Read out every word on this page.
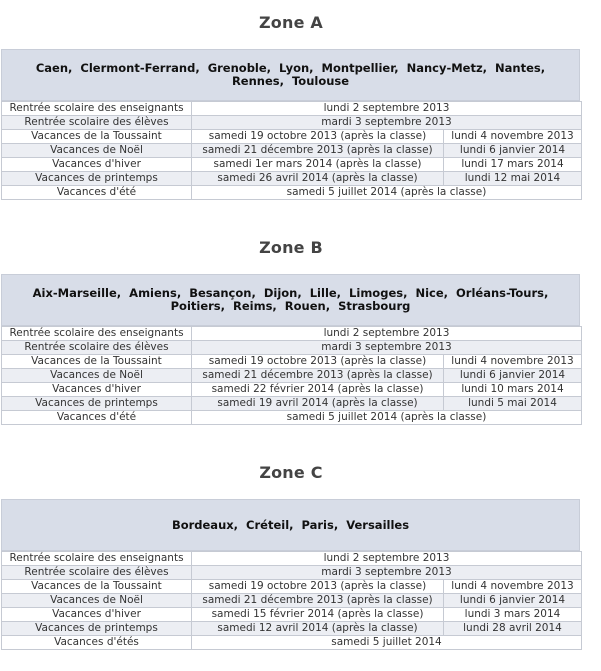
Zone A
Caen, Clermont-Ferrand, Grenoble, Lyon, Montpellier, Nancy-Metz, Nantes, Rennes, Toulouse
Rentrée scolaire des enseignants	lundi 2 septembre 2013	
Rentrée scolaire des élèves	mardi 3 septembre 2013	
Vacances de la Toussaint	samedi 19 octobre 2013 (après la classe)	lundi 4 novembre 2013
Vacances de Noël	samedi 21 décembre 2013 (après la classe)	lundi 6 janvier 2014
Vacances d'hiver	samedi 1er mars 2014 (après la classe)	lundi 17 mars 2014
Vacances de printemps	samedi 26 avril 2014 (après la classe)	lundi 12 mai 2014
Vacances d'été	samedi 5 juillet 2014 (après la classe)	
Zone B
Aix-Marseille, Amiens, Besançon, Dijon, Lille, Limoges, Nice, Orléans-Tours, Poitiers, Reims, Rouen, Strasbourg
Rentrée scolaire des enseignants	lundi 2 septembre 2013	
Rentrée scolaire des élèves	mardi 3 septembre 2013	
Vacances de la Toussaint	samedi 19 octobre 2013 (après la classe)	lundi 4 novembre 2013
Vacances de Noël	samedi 21 décembre 2013 (après la classe)	lundi 6 janvier 2014
Vacances d'hiver	samedi 22 février 2014 (après la classe)	lundi 10 mars 2014
Vacances de printemps	samedi 19 avril 2014 (après la classe)	lundi 5 mai 2014
Vacances d'été	samedi 5 juillet 2014 (après la classe)	
Zone C
Bordeaux, Créteil, Paris, Versailles
Rentrée scolaire des enseignants	lundi 2 septembre 2013	
Rentrée scolaire des élèves	mardi 3 septembre 2013	
Vacances de la Toussaint	samedi 19 octobre 2013 (après la classe)	lundi 4 novembre 2013
Vacances de Noël	samedi 21 décembre 2013 (après la classe)	lundi 6 janvier 2014
Vacances d'hiver	samedi 15 février 2014 (après la classe)	lundi 3 mars 2014
Vacances de printemps	samedi 12 avril 2014 (après la classe)	lundi 28 avril 2014
Vacances d'étés	samedi 5 juillet 2014	
